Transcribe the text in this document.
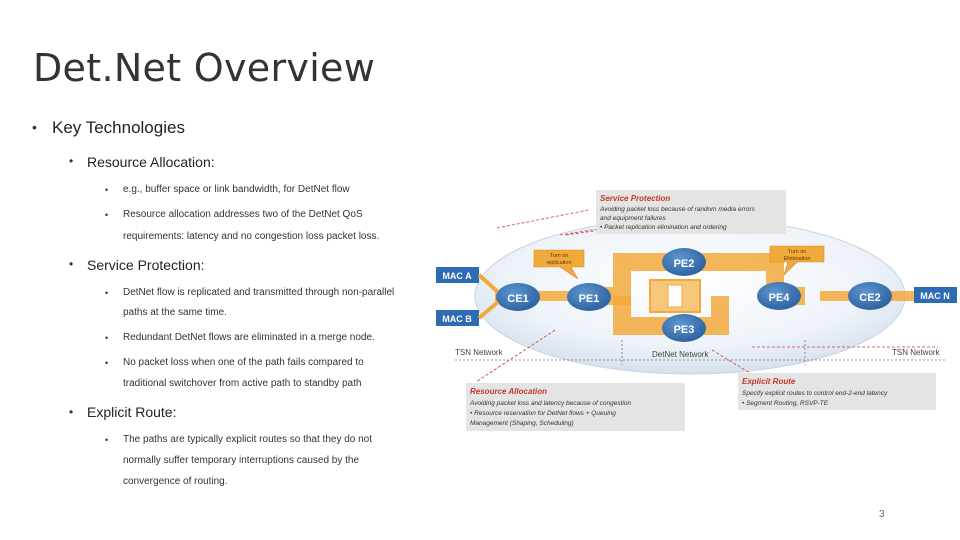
Det.Net Overview
• Key Technologies
• Resource Allocation:
• e.g., buffer space or link bandwidth, for DetNet flow
• Resource allocation addresses two of the DetNet QoS
requirements: latency and no congestion loss packet loss.
• Service Protection:
• DetNet flow is replicated and transmitted through non-parallel
paths at the same time.
• Redundant DetNet flows are eliminated in a merge node.
• No packet loss when one of the path fails compared to
traditional switchover from active path to standby path
• Explicit Route:
• The paths are typically explicit routes so that they do not
normally suffer temporary interruptions caused by the
convergence of routing.
3
CE1	PE1
PE2
PE3
PE4	CE2
MAC A
MAC B
MAC N
TSN Network	DetNet Network	TSN Network
Turn on
replication
Turn on
Elimination
Service Protection
Avoiding packet loss because of random media errors
and equipment failures
• Packet replication elimination and ordering
Resource Allocation
Avoiding packet loss and latency because of congestion
• Resource reservation for DetNet flows + Queuing
Management (Shaping, Scheduling)
Explicit Route
Specify explicit routes to control end-2-end latency
• Segment Routing, RSVP-TE
